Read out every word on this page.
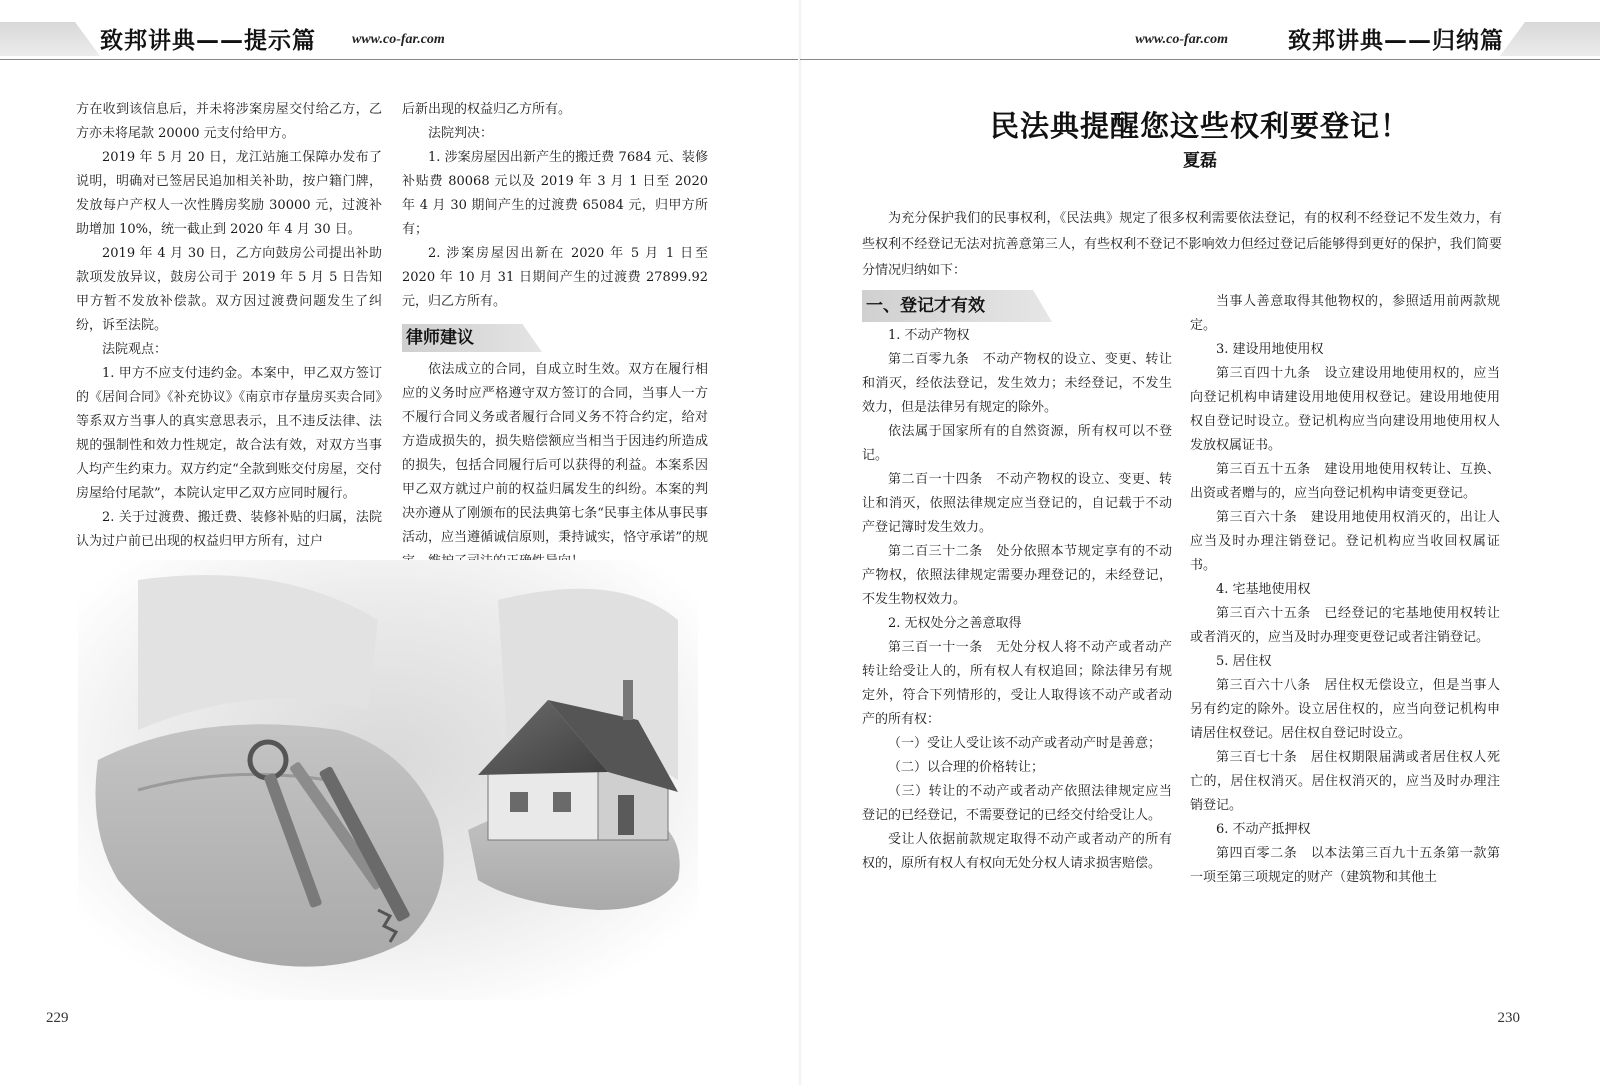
致邦讲典——提示篇	www.co-far.com

方在收到该信息后，并未将涉案房屋交付给乙方，乙方亦未将尾款 20000 元支付给甲方。

2019 年 5 月 20 日，龙江站施工保障办发布了说明，明确对已签居民追加相关补助，按户籍门牌，发放每户产权人一次性腾房奖励 30000 元，过渡补助增加 10%，统一截止到 2020 年 4 月 30 日。

2019 年 4 月 30 日，乙方向鼓房公司提出补助款项发放异议，鼓房公司于 2019 年 5 月 5 日告知甲方暂不发放补偿款。双方因过渡费问题发生了纠纷，诉至法院。

法院观点：

1. 甲方不应支付违约金。本案中，甲乙双方签订的《居间合同》《补充协议》《南京市存量房买卖合同》等系双方当事人的真实意思表示，且不违反法律、法规的强制性和效力性规定，故合法有效，对双方当事人均产生约束力。双方约定“全款到账交付房屋，交付房屋给付尾款”，本院认定甲乙双方应同时履行。

2. 关于过渡费、搬迁费、装修补贴的归属，法院认为过户前已出现的权益归甲方所有，过户

后新出现的权益归乙方所有。

法院判决：

1. 涉案房屋因出新产生的搬迁费 7684 元、装修补贴费 80068 元以及 2019 年 3 月 1 日至 2020 年 4 月 30 期间产生的过渡费 65084 元，归甲方所有；

2. 涉案房屋因出新在 2020 年 5 月 1 日至 2020 年 10 月 31 日期间产生的过渡费 27899.92 元，归乙方所有。

律师建议

依法成立的合同，自成立时生效。双方在履行相应的义务时应严格遵守双方签订的合同，当事人一方不履行合同义务或者履行合同义务不符合约定，给对方造成损失的，损失赔偿额应当相当于因违约所造成的损失，包括合同履行后可以获得的利益。本案系因甲乙双方就过户前的权益归属发生的纠纷。本案的判决亦遵从了刚颁布的民法典第七条“民事主体从事民事活动，应当遵循诚信原则，秉持诚实，恪守承诺”的规

229
www.co-far.com	致邦讲典——归纳篇
民法典提醒您这些权利要登记！
夏磊

为充分保护我们的民事权利，《民法典》规定了很多权利需要依法登记，有的权利不经登记不发生效力，有些权利不经登记无法对抗善意第三人，有些权利不登记不影响效力但经过登记后能够得到更好的保护，我们简要分情况归纳如下：

一、登记才有效

1. 不动产物权

第二百零九条　不动产物权的设立、变更、转让和消灭，经依法登记，发生效力；未经登记，不发生效力，但是法律另有规定的除外。

依法属于国家所有的自然资源，所有权可以不登记。

第二百一十四条　不动产物权的设立、变更、转让和消灭，依照法律规定应当登记的，自记载于不动产登记簿时发生效力。

第二百三十二条　处分依照本节规定享有的不动产物权，依照法律规定需要办理登记的，未经登记，不发生物权效力。

2. 无权处分之善意取得

第三百一十一条　无处分权人将不动产或者动产转让给受让人的，所有权人有权追回；除法律另有规定外，符合下列情形的，受让人取得该不动产或者动产的所有权：

（一）受让人受让该不动产或者动产时是善意；

（二）以合理的价格转让；

（三）转让的不动产或者动产依照法律规定应当登记的已经登记，不需要登记的已经交付给受让人。

受让人依据前款规定取得不动产或者动产的所有权的，原所有权人有权向无处分权人请求损害赔偿。

当事人善意取得其他物权的，参照适用前两款规定。

3. 建设用地使用权

第三百四十九条　设立建设用地使用权的，应当向登记机构申请建设用地使用权登记。建设用地使用权自登记时设立。登记机构应当向建设用地使用权人发放权属证书。

第三百五十五条　建设用地使用权转让、互换、出资或者赠与的，应当向登记机构申请变更登记。

第三百六十条　建设用地使用权消灭的，出让人应当及时办理注销登记。登记机构应当收回权属证书。

4. 宅基地使用权

第三百六十五条　已经登记的宅基地使用权转让或者消灭的，应当及时办理变更登记或者注销登记。

5. 居住权

第三百六十八条　居住权无偿设立，但是当事人另有约定的除外。设立居住权的，应当向登记机构申请居住权登记。居住权自登记时设立。

第三百七十条　居住权期限届满或者居住权人死亡的，居住权消灭。居住权消灭的，应当及时办理注销登记。

6. 不动产抵押权

第四百零二条　以本法第三百九十五条第一款第一项至第三项规定的财产（建筑物和其他土

230
